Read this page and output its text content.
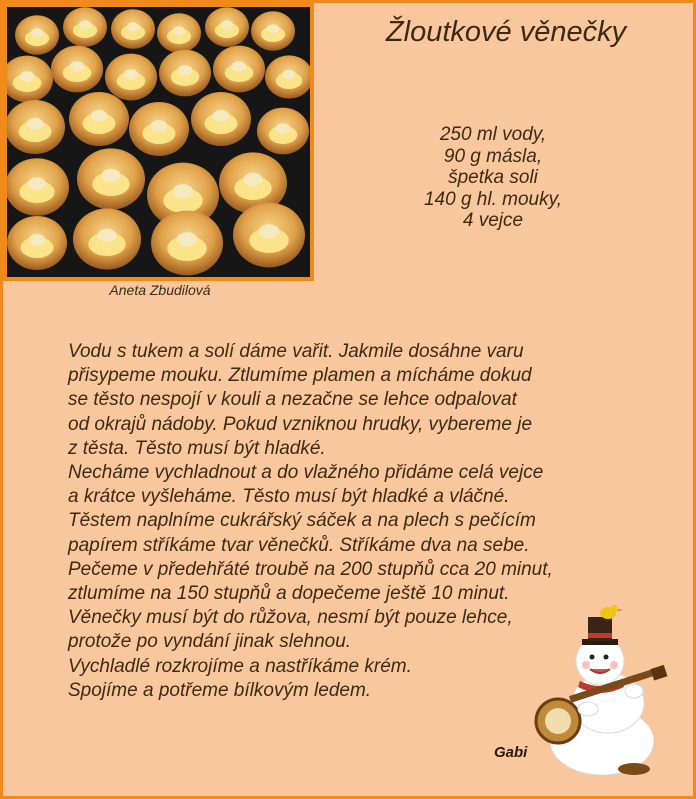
Aneta Zbudilová
Žloutkové věnečky
250 ml vody,
90 g másla,
špetka soli
140 g hl. mouky,
4 vejce
Vodu s tukem a solí dáme vařit. Jakmile dosáhne varu
přisypeme mouku. Ztlumíme plamen a mícháme dokud
se těsto nespojí v kouli a nezačne se lehce odpalovat
od okrajů nádoby. Pokud vzniknou hrudky, vybereme je
z těsta. Těsto musí být hladké.
Necháme vychladnout a do vlažného přidáme celá vejce
a krátce vyšleháme. Těsto musí být hladké a vláčné.
Těstem naplníme cukrářský sáček a na plech s pečícím
papírem stříkáme tvar věnečků. Stříkáme dva na sebe.
Pečeme v předehřáté troubě na 200 stupňů cca 20 minut,
ztlumíme na 150 stupňů a dopečeme ještě 10 minut.
Věnečky musí být do růžova, nesmí být pouze lehce,
protože po vyndání jinak slehnou.
Vychladlé rozkrojíme a nastříkáme krém.
Spojíme a potřeme bílkovým ledem.
Gabi
